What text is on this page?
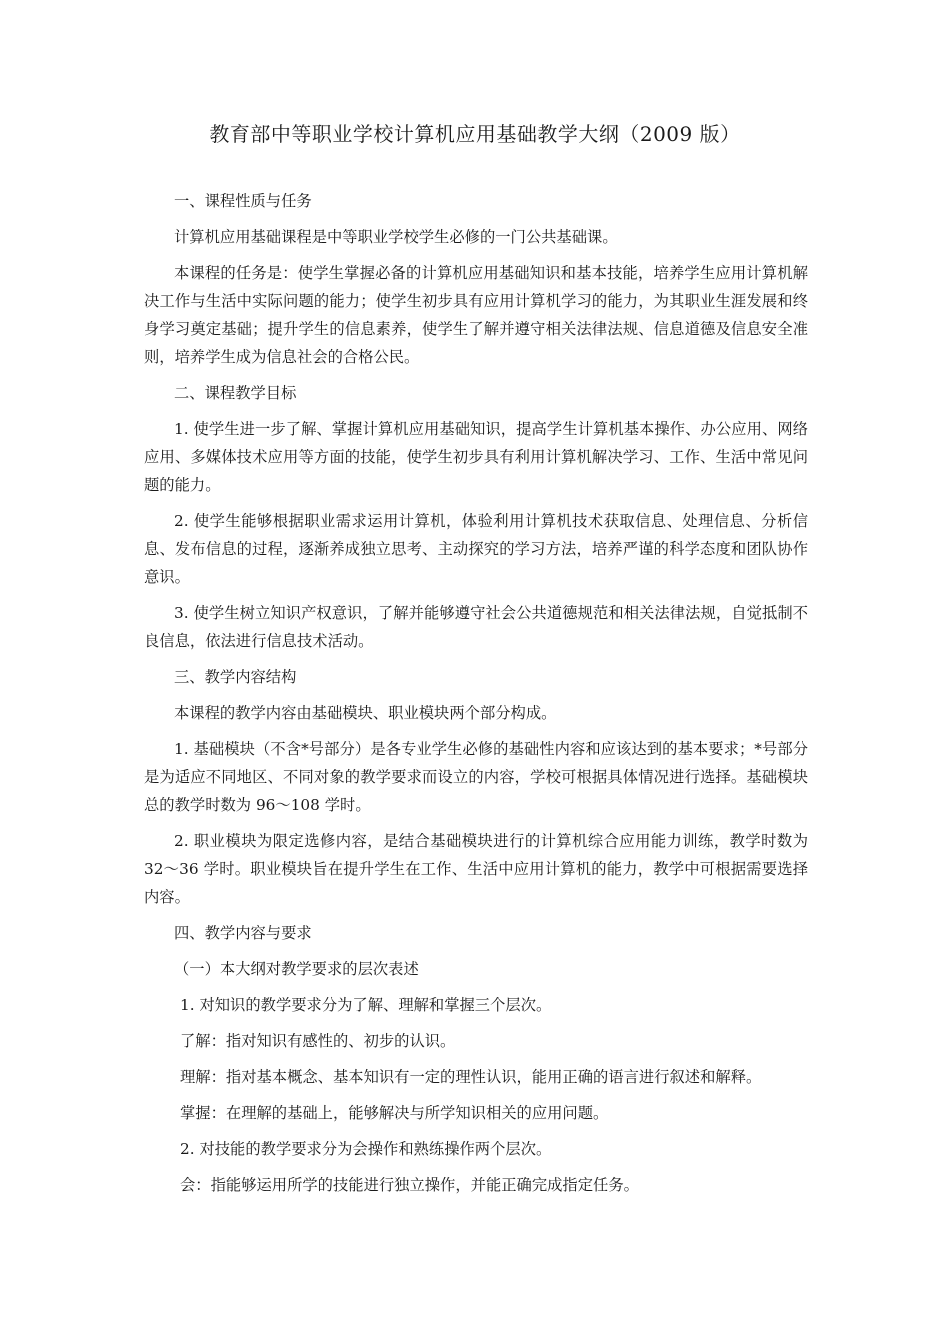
教育部中等职业学校计算机应用基础教学大纲（2009 版）

一、课程性质与任务

计算机应用基础课程是中等职业学校学生必修的一门公共基础课。

本课程的任务是：使学生掌握必备的计算机应用基础知识和基本技能，培养学生应用计算机解决工作与生活中实际问题的能力；使学生初步具有应用计算机学习的能力，为其职业生涯发展和终身学习奠定基础；提升学生的信息素养，使学生了解并遵守相关法律法规、信息道德及信息安全准则，培养学生成为信息社会的合格公民。

二、课程教学目标

1. 使学生进一步了解、掌握计算机应用基础知识，提高学生计算机基本操作、办公应用、网络应用、多媒体技术应用等方面的技能，使学生初步具有利用计算机解决学习、工作、生活中常见问题的能力。

2. 使学生能够根据职业需求运用计算机，体验利用计算机技术获取信息、处理信息、分析信息、发布信息的过程，逐渐养成独立思考、主动探究的学习方法，培养严谨的科学态度和团队协作意识。

3. 使学生树立知识产权意识，了解并能够遵守社会公共道德规范和相关法律法规，自觉抵制不良信息，依法进行信息技术活动。

三、教学内容结构

本课程的教学内容由基础模块、职业模块两个部分构成。

1. 基础模块（不含*号部分）是各专业学生必修的基础性内容和应该达到的基本要求；*号部分是为适应不同地区、不同对象的教学要求而设立的内容，学校可根据具体情况进行选择。基础模块总的教学时数为 96～108 学时。

2. 职业模块为限定选修内容，是结合基础模块进行的计算机综合应用能力训练，教学时数为 32～36 学时。职业模块旨在提升学生在工作、生活中应用计算机的能力，教学中可根据需要选择内容。

四、教学内容与要求

（一）本大纲对教学要求的层次表述

1. 对知识的教学要求分为了解、理解和掌握三个层次。

了解：指对知识有感性的、初步的认识。

理解：指对基本概念、基本知识有一定的理性认识，能用正确的语言进行叙述和解释。

掌握：在理解的基础上，能够解决与所学知识相关的应用问题。

2. 对技能的教学要求分为会操作和熟练操作两个层次。

会：指能够运用所学的技能进行独立操作，并能正确完成指定任务。
